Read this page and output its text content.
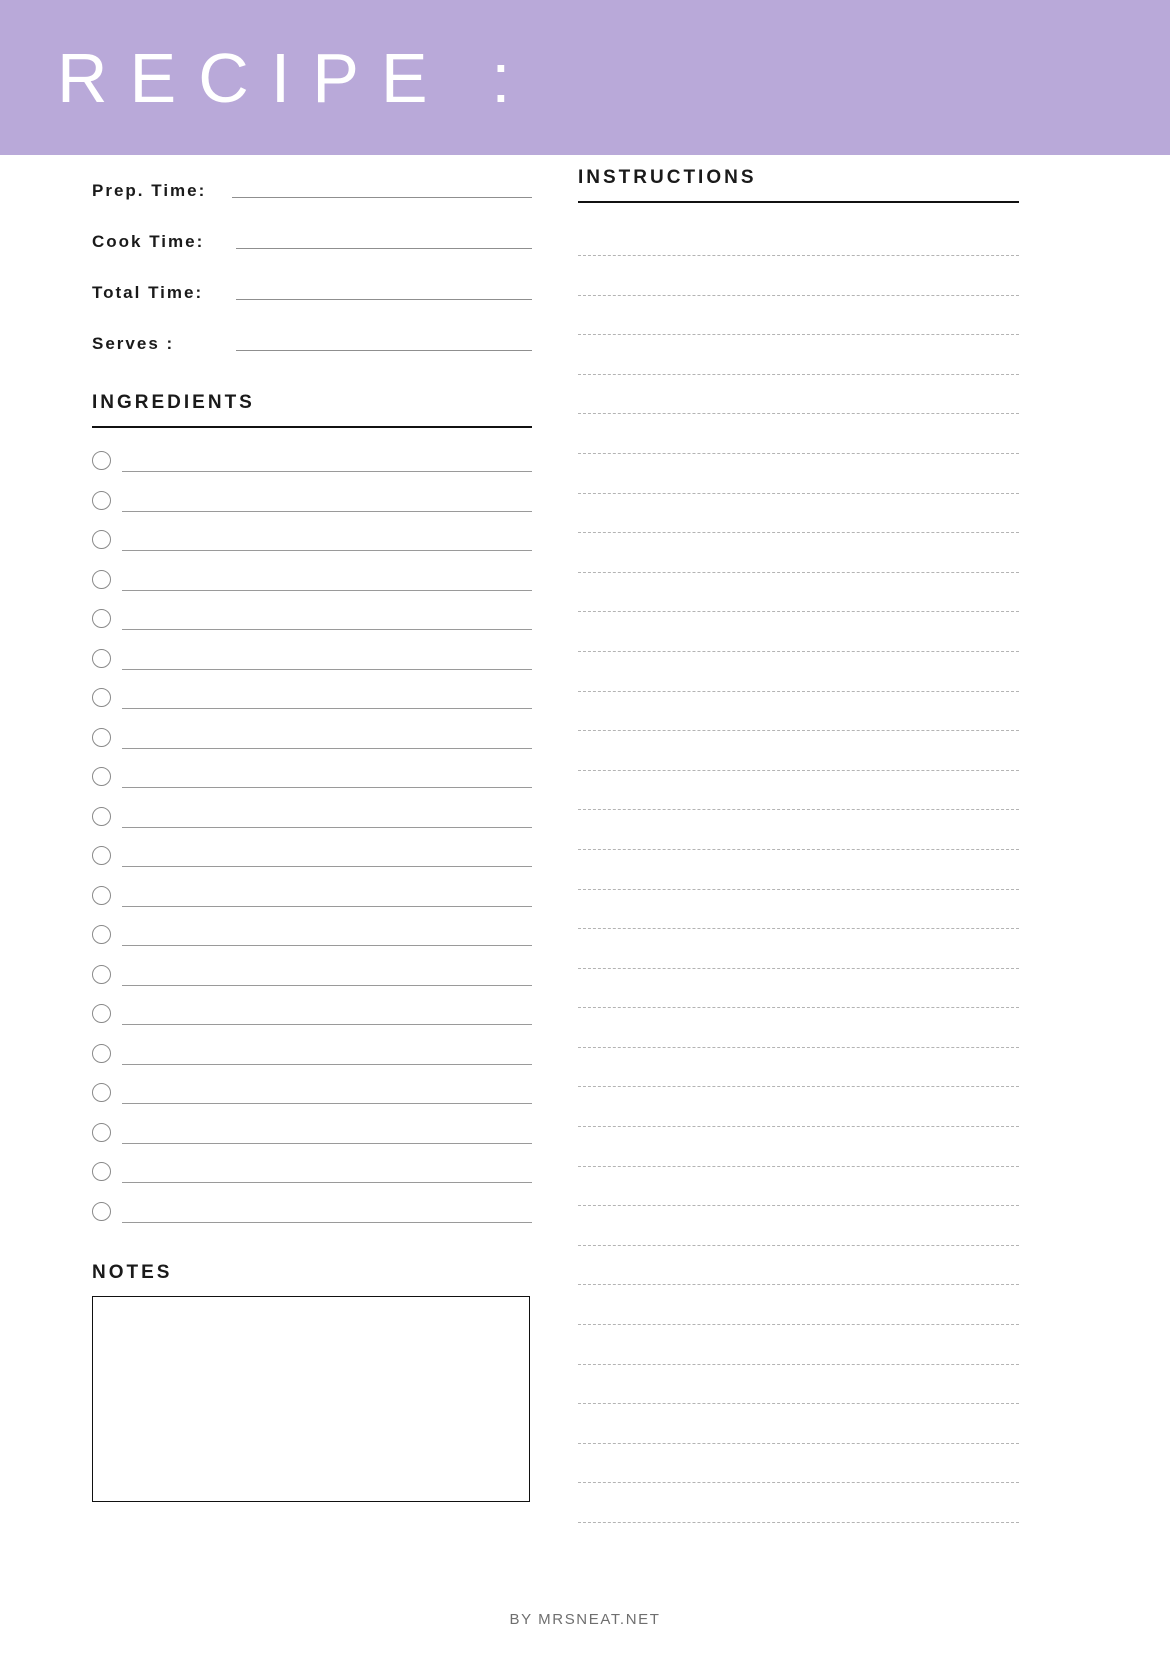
RECIPE :
Prep. Time:
Cook Time:
Total Time:
Serves :
INGREDIENTS
NOTES
INSTRUCTIONS
BY MRSNEAT.NET
